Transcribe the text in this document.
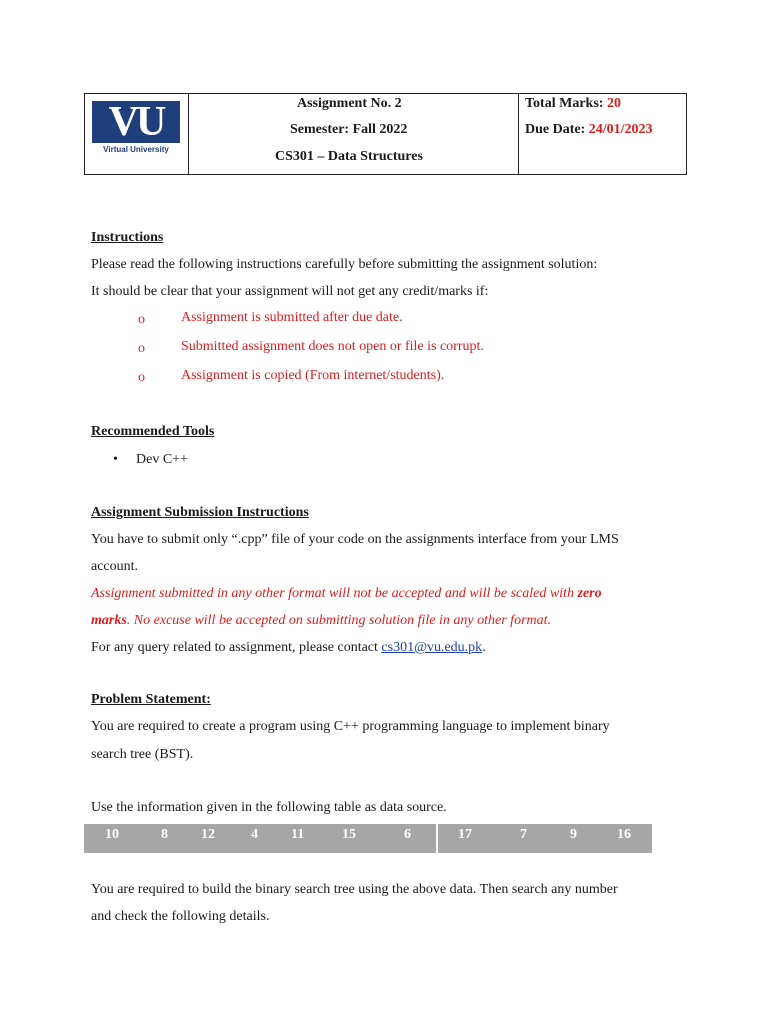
VU
Virtual University
Assignment No. 2
Semester: Fall 2022
CS301 – Data Structures
Total Marks: 20
Due Date: 24/01/2023
Instructions
Please read the following instructions carefully before submitting the assignment solution:
It should be clear that your assignment will not get any credit/marks if:
o	Assignment is submitted after due date.
o	Submitted assignment does not open or file is corrupt.
o	Assignment is copied (From internet/students).
Recommended Tools
• Dev C++
Assignment Submission Instructions
You have to submit only “.cpp” file of your code on the assignments interface from your LMS
account.
Assignment submitted in any other format will not be accepted and will be scaled with zero
marks. No excuse will be accepted on submitting solution file in any other format.
For any query related to assignment, please contact cs301@vu.edu.pk.
Problem Statement:
You are required to create a program using C++ programming language to implement binary
search tree (BST).
Use the information given in the following table as data source.
10	8 12	4 11	15	6	17	7	9	16
You are required to build the binary search tree using the above data. Then search any number
and check the following details.
